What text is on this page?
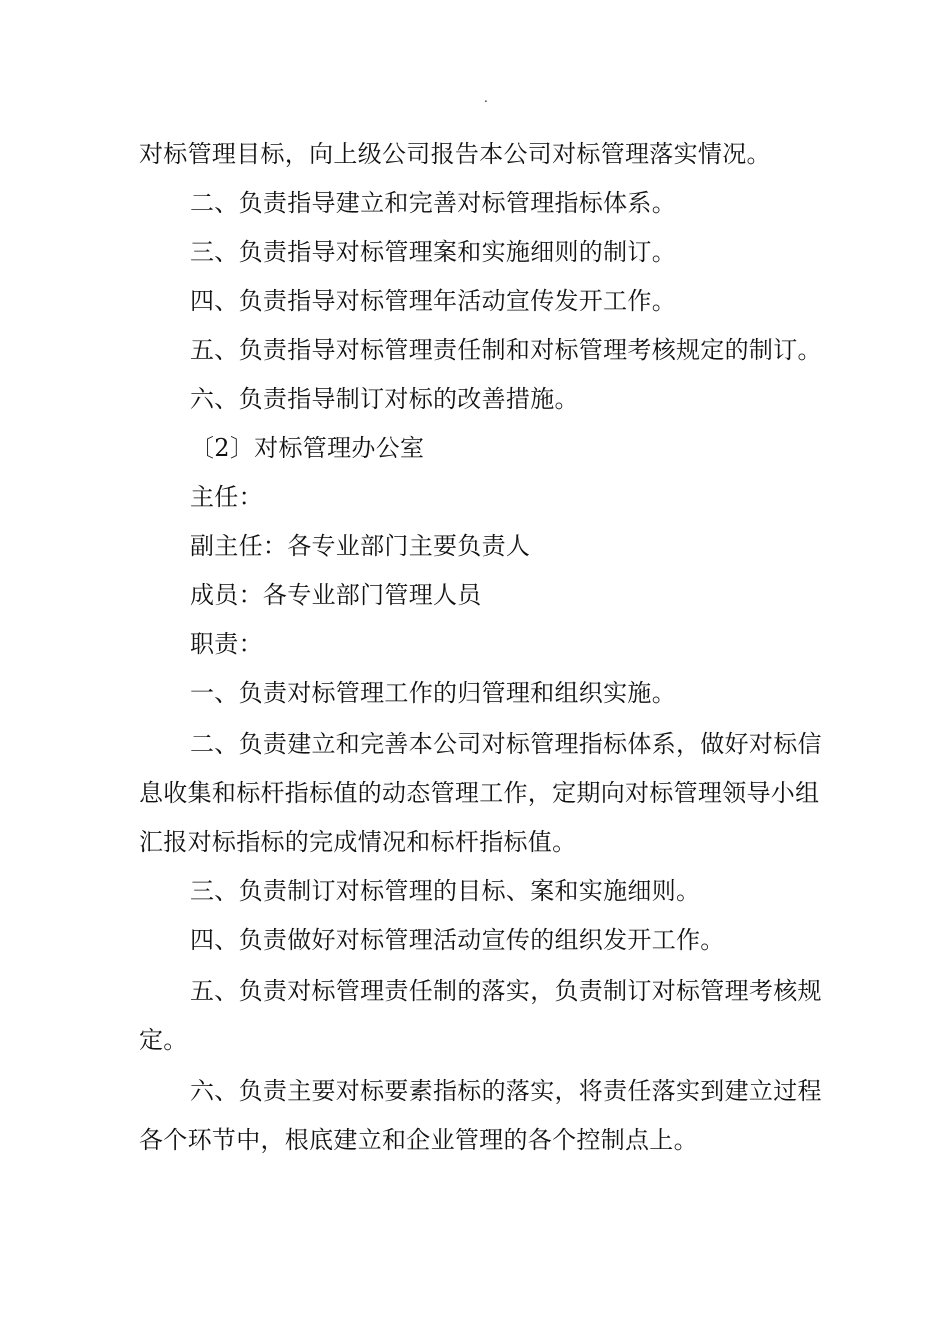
.
对标管理目标，向上级公司报告本公司对标管理落实情况。
二、负责指导建立和完善对标管理指标体系。
三、负责指导对标管理案和实施细则的制订。
四、负责指导对标管理年活动宣传发开工作。
五、负责指导对标管理责任制和对标管理考核规定的制订。
六、负责指导制订对标的改善措施。
〔2〕对标管理办公室
主任：
副主任：各专业部门主要负责人
成员：各专业部门管理人员
职责：
一、负责对标管理工作的归管理和组织实施。
二、负责建立和完善本公司对标管理指标体系，做好对标信
息收集和标杆指标值的动态管理工作，定期向对标管理领导小组
汇报对标指标的完成情况和标杆指标值。
三、负责制订对标管理的目标、案和实施细则。
四、负责做好对标管理活动宣传的组织发开工作。
五、负责对标管理责任制的落实，负责制订对标管理考核规
定。
六、负责主要对标要素指标的落实，将责任落实到建立过程
各个环节中，根底建立和企业管理的各个控制点上。
